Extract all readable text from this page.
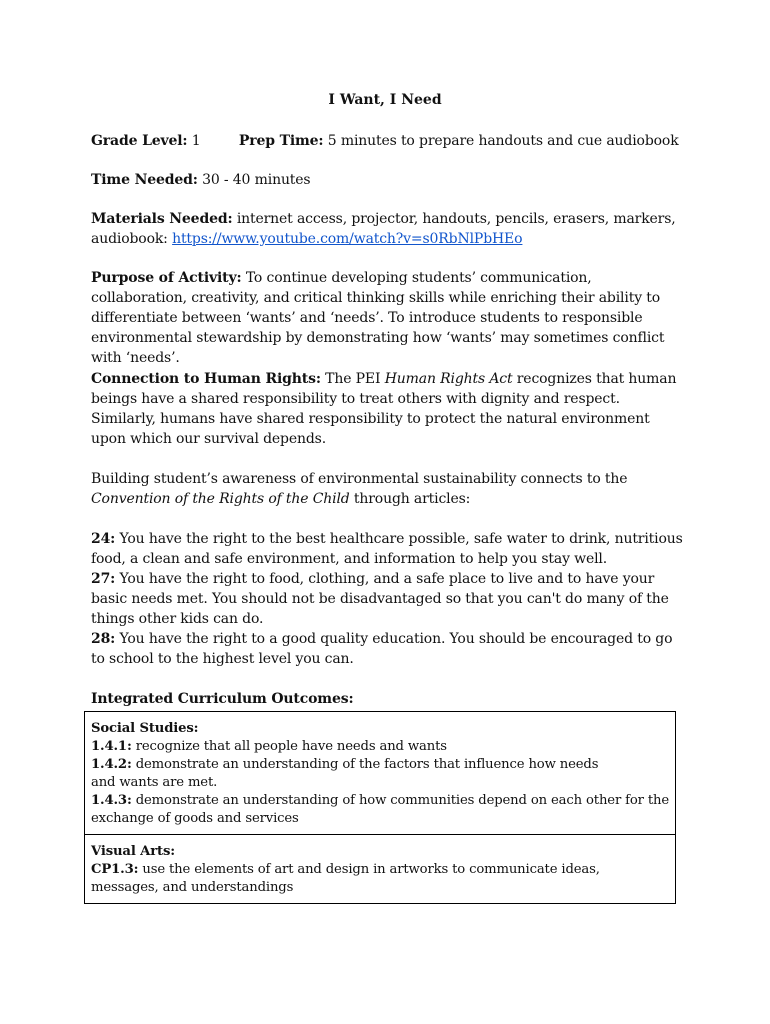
I Want, I Need
Grade Level: 1	Prep Time: 5 minutes to prepare handouts and cue audiobook
Time Needed: 30 - 40 minutes
Materials Needed: internet access, projector, handouts, pencils, erasers, markers,
audiobook: https://www.youtube.com/watch?v=s0RbNlPbHEo
Purpose of Activity: To continue developing students’ communication, collaboration, creativity, and critical thinking skills while enriching their ability to differentiate between ‘wants’ and ‘needs’. To introduce students to responsible environmental stewardship by demonstrating how ‘wants’ may sometimes conflict with ‘needs’.
Connection to Human Rights: The PEI Human Rights Act recognizes that human beings have a shared responsibility to treat others with dignity and respect. Similarly, humans have shared responsibility to protect the natural environment upon which our survival depends.
Building student’s awareness of environmental sustainability connects to the Convention of the Rights of the Child through articles:
24: You have the right to the best healthcare possible, safe water to drink, nutritious food, a clean and safe environment, and information to help you stay well.
27: You have the right to food, clothing, and a safe place to live and to have your basic needs met. You should not be disadvantaged so that you can't do many of the things other kids can do.
28: You have the right to a good quality education. You should be encouraged to go to school to the highest level you can.
Integrated Curriculum Outcomes:
Social Studies:
1.4.1: recognize that all people have needs and wants
1.4.2: demonstrate an understanding of the factors that influence how needs
and wants are met.
1.4.3: demonstrate an understanding of how communities depend on each other for the exchange of goods and services
Visual Arts:
CP1.3: use the elements of art and design in artworks to communicate ideas, messages, and understandings
